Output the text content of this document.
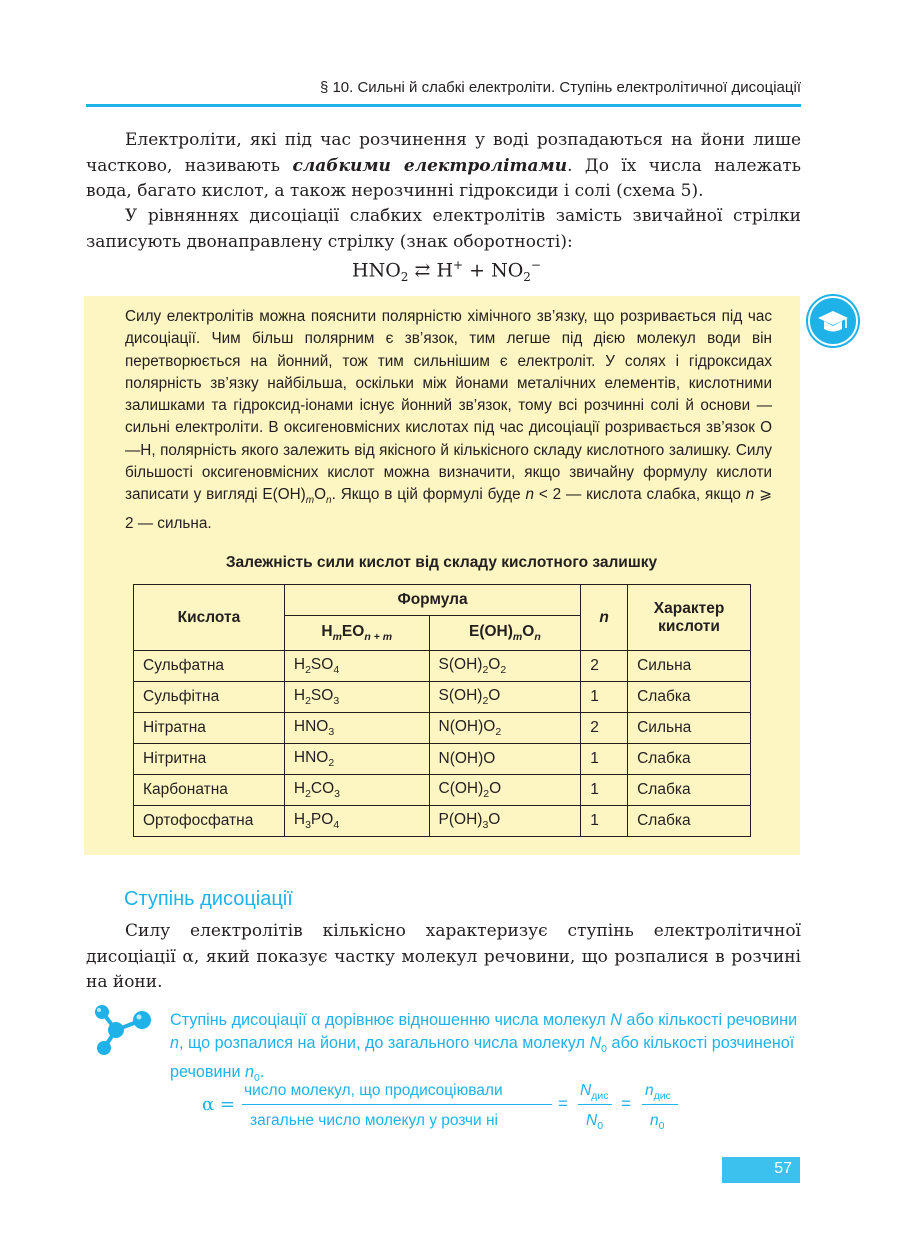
§ 10. Сильні й слабкі електроліти. Ступінь електролітичної дисоціації

Електроліти, які під час розчинення у воді розпадаються на йони лише частково, називають слабкими електролітами. До їх числа належать вода, багато кислот, а також нерозчинні гідроксиди і солі (схема 5).

У рівняннях дисоціації слабких електролітів замість звичайної стрілки записують двонаправлену стрілку (знак оборотності):

$HNO_2$ ⇄ $H^+ + NO_2^-$

Силу електролітів можна пояснити полярністю хімічного зв’язку, що розривається під час дисоціації. Чим більш полярним є зв’язок, тим легше під дією молекул води він перетворюється на йонний, тож тим сильнішим є електроліт. У солях і гідроксидах полярність зв’язку найбільша, оскільки між йонами металічних елементів, кислотними залишками та гідроксид-іонами існує йонний зв’язок, тому всі розчинні солі й основи — сильні електроліти. В оксигеновмісних кислотах під час дисоціації розривається зв’язок O—H, полярність якого залежить від якісного й кількісного складу кислотного залишку. Силу більшості оксигеновмісних кислот можна визначити, якщо звичайну формулу кислоти записати у вигляді $E(OH)_mO_n$. Якщо в цій формулі буде n < 2 — кислота слабка, якщо n ⩾ 2 — сильна.

Залежність сили кислот від складу кислотного залишку
Кислота	Формула		n	Характер кислоти
	$H_mEO_{n + m}$	$E(OH)_mO_n$
Сульфатна	$H_2SO_4$	$S(OH)_2O_2$	2	Сильна
Сульфітна	$H_2SO_3$	$S(OH)_2O$	1	Слабка
Нітратна	$HNO_3$	$N(OH)O_2$	2	Сильна
Нітритна	$HNO_2$	N(OH)O	1	Слабка
Карбонатна	$H_2CO_3$	$C(OH)_2O$	1	Слабка
Ортофосфатна	$H_3PO_4$	$P(OH)_3O$	1	Слабка
Ступінь дисоціації

Силу електролітів кількісно характеризує ступінь електролітичної дисоціації α, який показує частку молекул речовини, що розпалися в розчині на йони.

Ступінь дисоціації α дорівнює відношенню числа молекул N або кількості речовини n, що розпалися на йони, до загального числа молекул $N_0$ або кількості розчиненої речовини $n_0$.

α =
число молекул, що продисоціювали
загальне число молекул у розчи ні
=
$N_{дис}$
$N_0$
=
$n_{дис}$
$n_0$
57
